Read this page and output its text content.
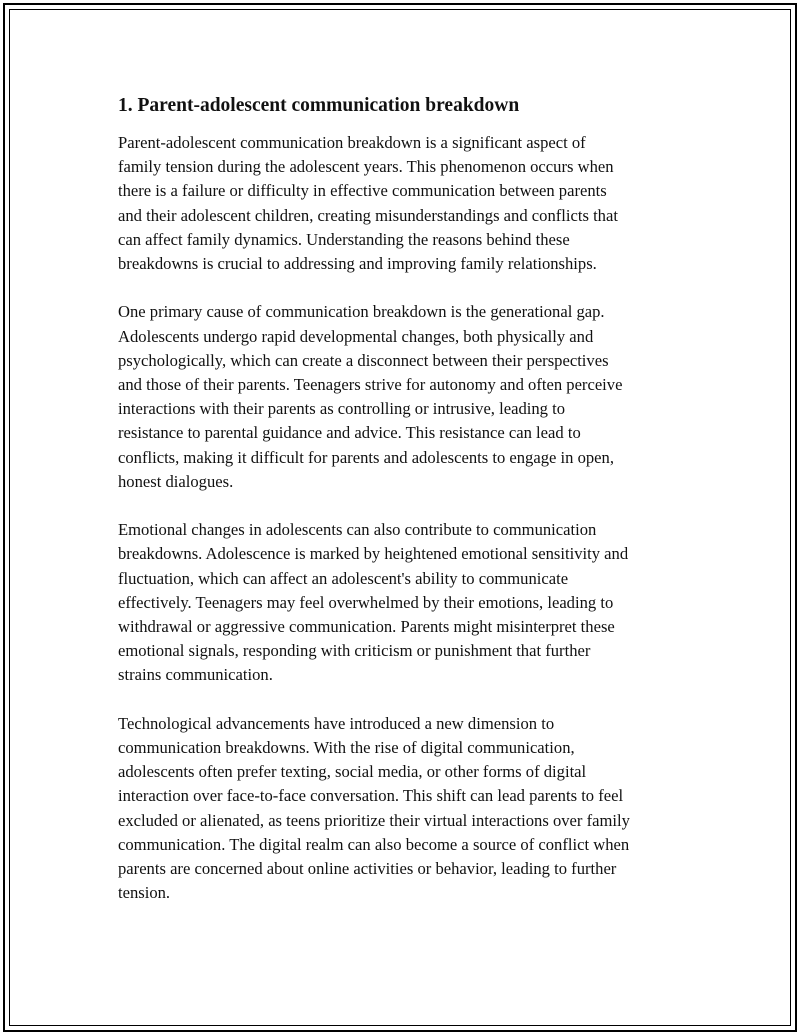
1. Parent-adolescent communication breakdown
Parent-adolescent communication breakdown is a significant aspect of
family tension during the adolescent years. This phenomenon occurs when
there is a failure or difficulty in effective communication between parents
and their adolescent children, creating misunderstandings and conflicts that
can affect family dynamics. Understanding the reasons behind these
breakdowns is crucial to addressing and improving family relationships.
One primary cause of communication breakdown is the generational gap.
Adolescents undergo rapid developmental changes, both physically and
psychologically, which can create a disconnect between their perspectives
and those of their parents. Teenagers strive for autonomy and often perceive
interactions with their parents as controlling or intrusive, leading to
resistance to parental guidance and advice. This resistance can lead to
conflicts, making it difficult for parents and adolescents to engage in open,
honest dialogues.
Emotional changes in adolescents can also contribute to communication
breakdowns. Adolescence is marked by heightened emotional sensitivity and
fluctuation, which can affect an adolescent's ability to communicate
effectively. Teenagers may feel overwhelmed by their emotions, leading to
withdrawal or aggressive communication. Parents might misinterpret these
emotional signals, responding with criticism or punishment that further
strains communication.
Technological advancements have introduced a new dimension to
communication breakdowns. With the rise of digital communication,
adolescents often prefer texting, social media, or other forms of digital
interaction over face-to-face conversation. This shift can lead parents to feel
excluded or alienated, as teens prioritize their virtual interactions over family
communication. The digital realm can also become a source of conflict when
parents are concerned about online activities or behavior, leading to further
tension.
